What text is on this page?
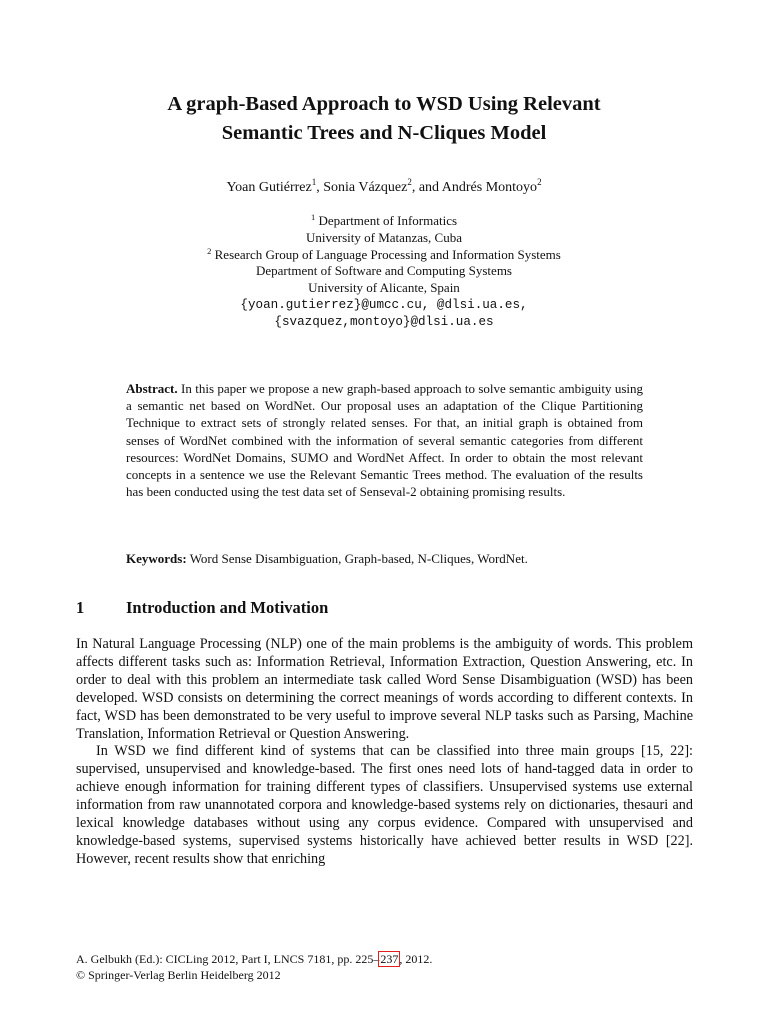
A graph-Based Approach to WSD Using Relevant
Semantic Trees and N-Cliques Model
Yoan Gutiérrez$^1$, Sonia Vázquez$^2$, and Andrés Montoyo$^2$
$^1$ Department of Informatics
University of Matanzas, Cuba
$^2$ Research Group of Language Processing and Information Systems
Department of Software and Computing Systems
University of Alicante, Spain
{yoan.gutierrez}@umcc.cu, @dlsi.ua.es,
{svazquez,montoyo}@dlsi.ua.es
Abstract. In this paper we propose a new graph-based approach to solve semantic ambiguity using a semantic net based on WordNet. Our proposal uses an adaptation of the Clique Partitioning Technique to extract sets of strongly related senses. For that, an initial graph is obtained from senses of WordNet combined with the information of several semantic categories from different resources: WordNet Domains, SUMO and WordNet Affect. In order to obtain the most relevant concepts in a sentence we use the Relevant Semantic Trees method. The evaluation of the results has been conducted using the test data set of Senseval-2 obtaining promising results.
Keywords: Word Sense Disambiguation, Graph-based, N-Cliques, WordNet.
1	Introduction and Motivation

In Natural Language Processing (NLP) one of the main problems is the ambiguity of words. This problem affects different tasks such as: Information Retrieval, Information Extraction, Question Answering, etc. In order to deal with this problem an intermediate task called Word Sense Disambiguation (WSD) has been developed. WSD consists on determining the correct meanings of words according to different contexts. In fact, WSD has been demonstrated to be very useful to improve several NLP tasks such as Parsing, Machine Translation, Information Retrieval or Question Answering.

In WSD we find different kind of systems that can be classified into three main groups [15, 22]: supervised, unsupervised and knowledge-based. The first ones need lots of hand-tagged data in order to achieve enough information for training different types of classifiers. Unsupervised systems use external information from raw unannotated corpora and knowledge-based systems rely on dictionaries, thesauri and lexical knowledge databases without using any corpus evidence. Compared with unsupervised and knowledge-based systems, supervised systems historically have achieved better results in WSD [22]. However, recent results show that enriching

A. Gelbukh (Ed.): CICLing 2012, Part I, LNCS 7181, pp. 225–237, 2012.
© Springer-Verlag Berlin Heidelberg 2012
